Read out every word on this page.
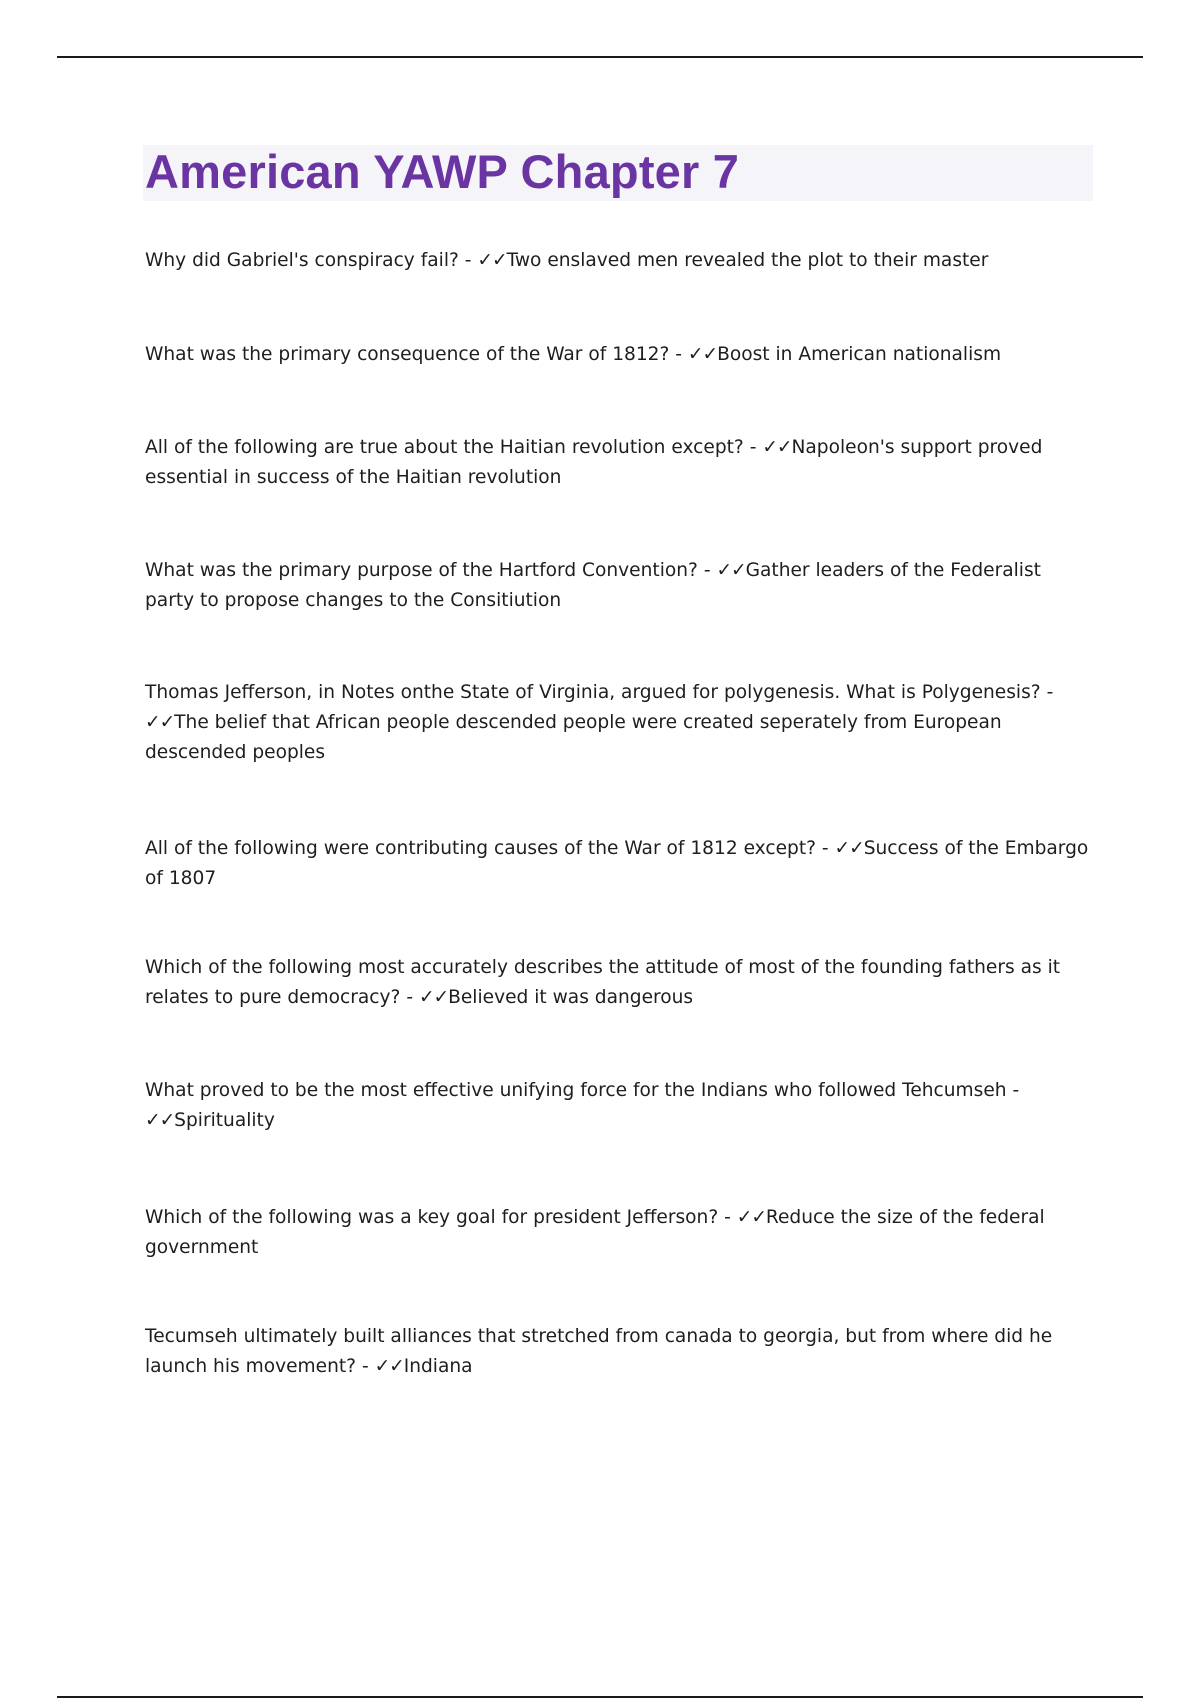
American YAWP Chapter 7

Why did Gabriel's conspiracy fail? - ✓✓Two enslaved men revealed the plot to their master

What was the primary consequence of the War of 1812? - ✓✓Boost in American nationalism

All of the following are true about the Haitian revolution except? - ✓✓Napoleon's support proved essential in success of the Haitian revolution

What was the primary purpose of the Hartford Convention? - ✓✓Gather leaders of the Federalist party to propose changes to the Consitiution

Thomas Jefferson, in Notes onthe State of Virginia, argued for polygenesis. What is Polygenesis? - ✓✓The belief that African people descended people were created seperately from European descended peoples

All of the following were contributing causes of the War of 1812 except? - ✓✓Success of the Embargo of 1807

Which of the following most accurately describes the attitude of most of the founding fathers as it relates to pure democracy? - ✓✓Believed it was dangerous

What proved to be the most effective unifying force for the Indians who followed Tehcumseh - ✓✓Spirituality

Which of the following was a key goal for president Jefferson? - ✓✓Reduce the size of the federal government

Tecumseh ultimately built alliances that stretched from canada to georgia, but from where did he launch his movement? - ✓✓Indiana
